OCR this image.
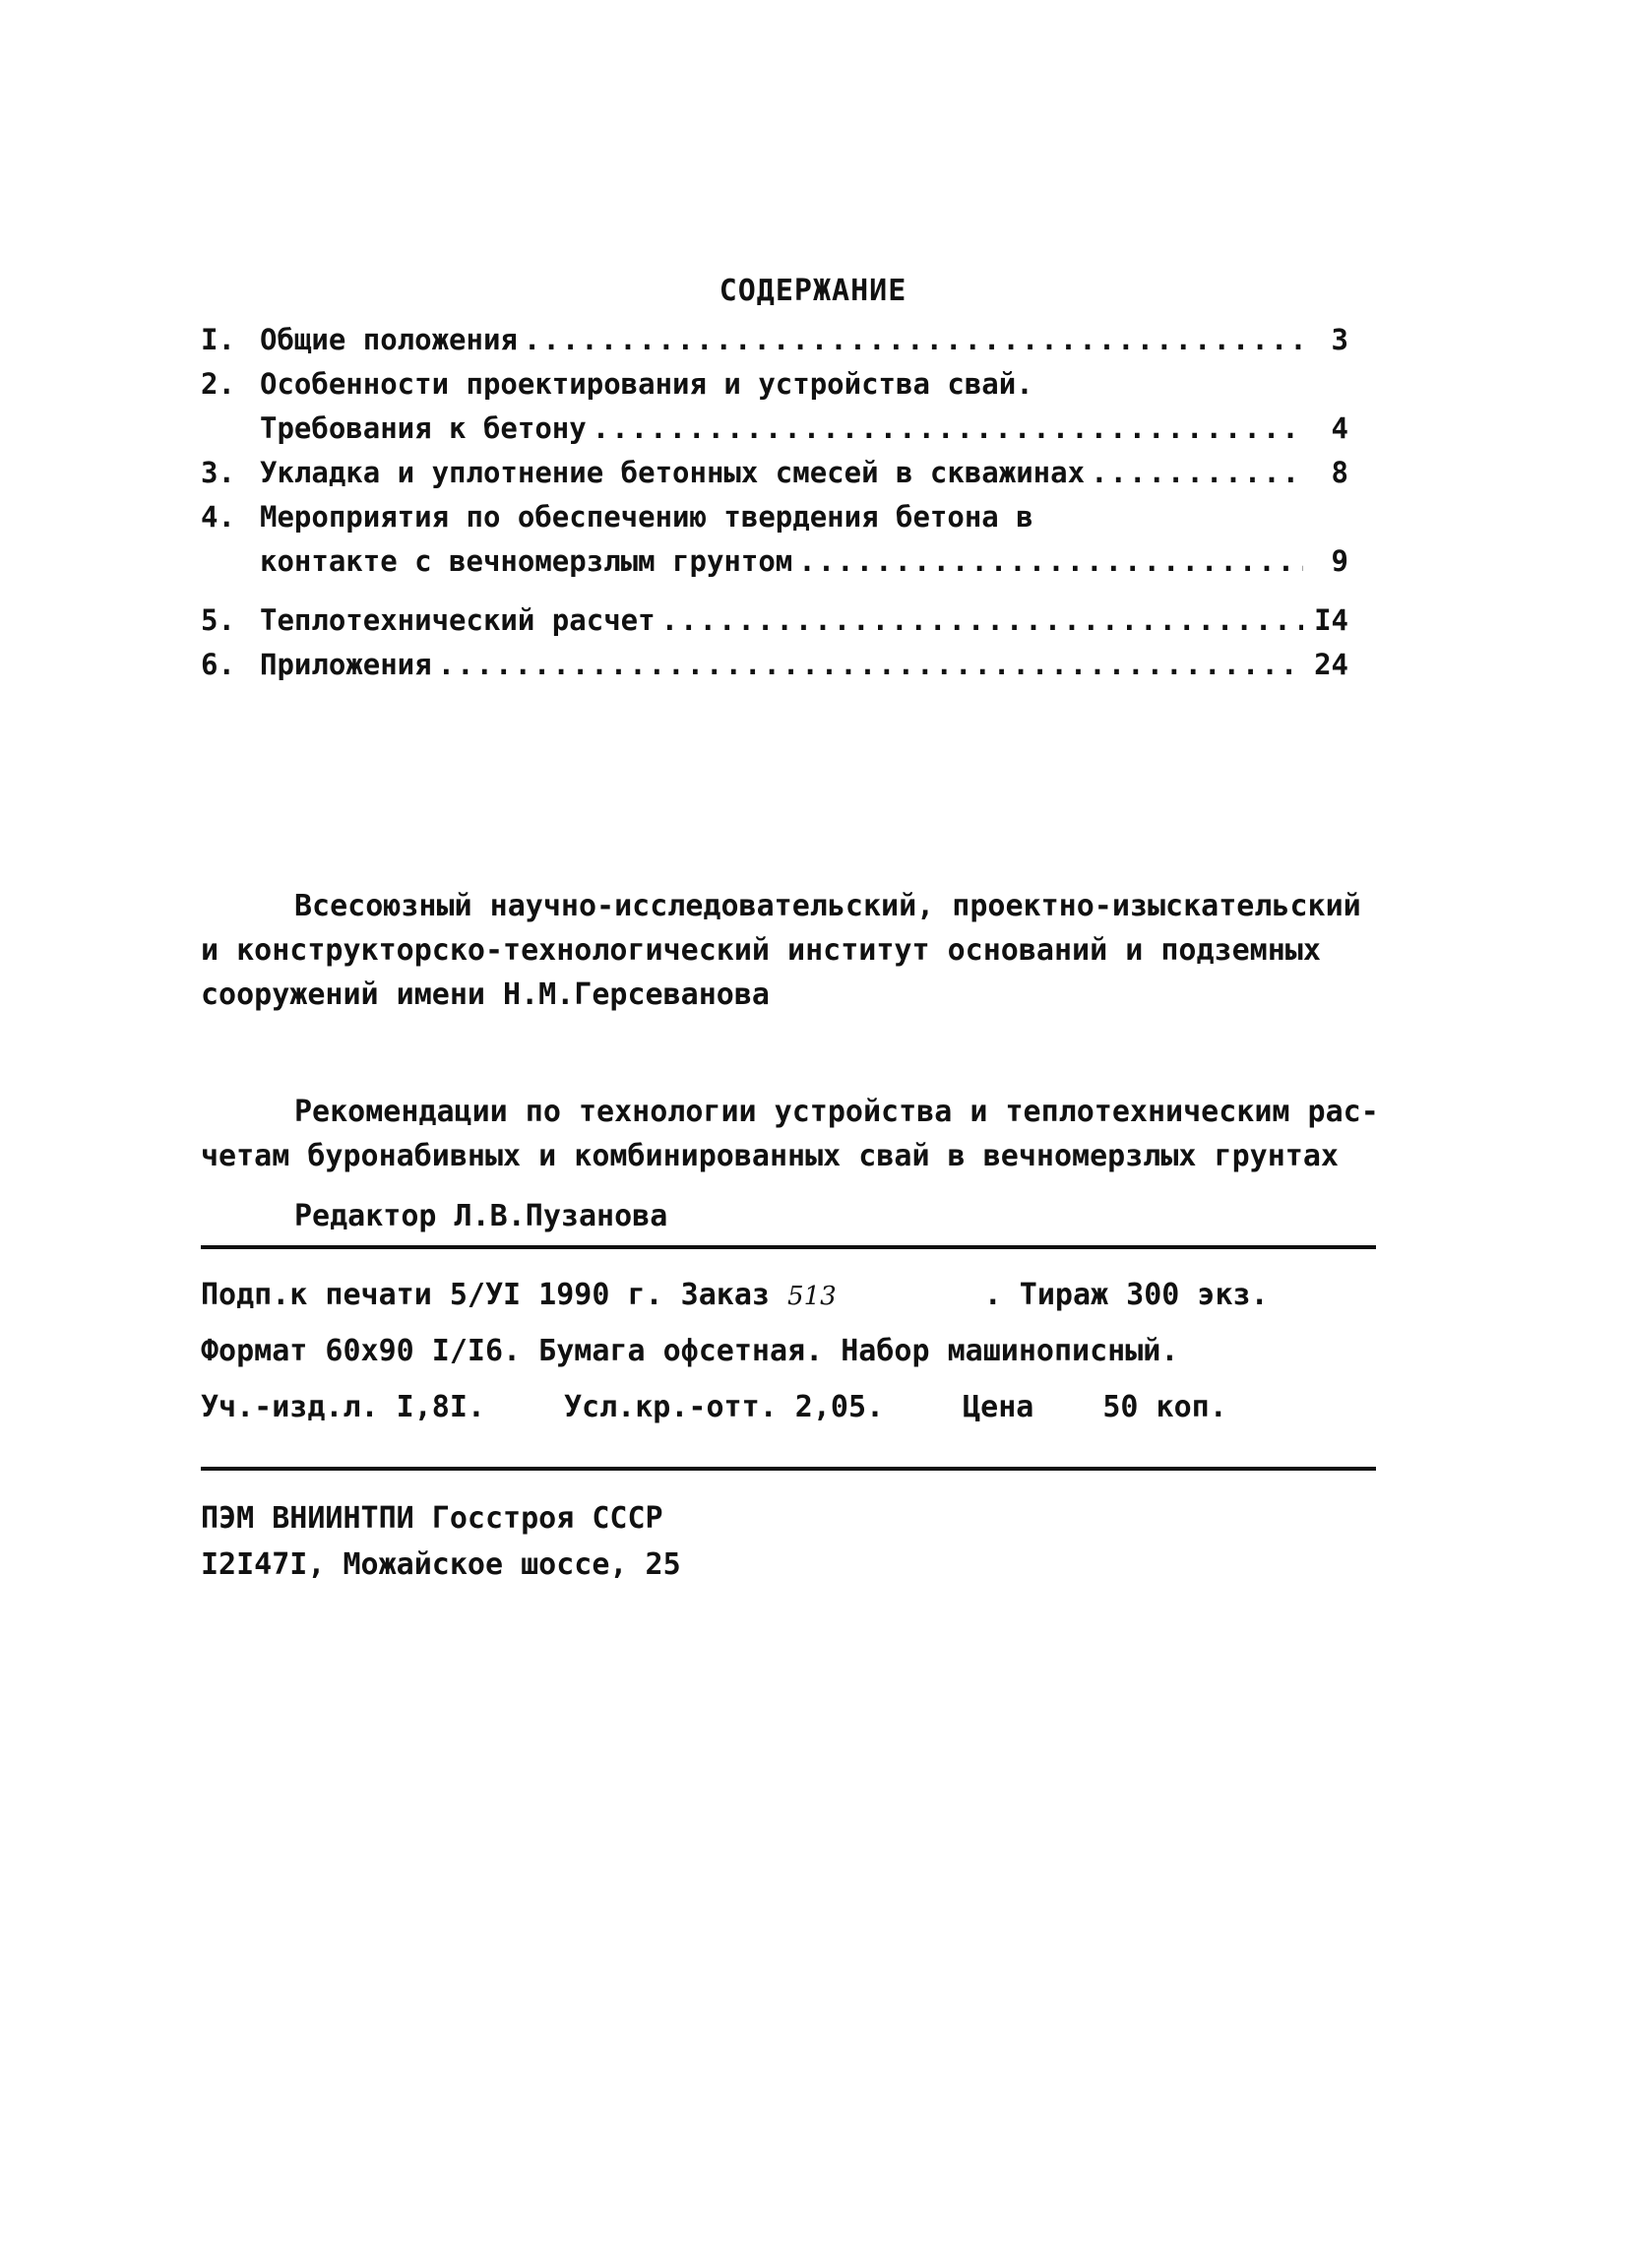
СОДЕРЖАНИЕ
I. Общие положения .....	3
2. Особенности проектирования и устройства свай.
Требования к бетону .....	4
3. Укладка и уплотнение бетонных смесей в скважинах .....	8
4. Мероприятия по обеспечению твердения бетона в
контакте с вечномерзлым грунтом .....	9
5. Теплотехнический расчет .....	I4
6. Приложения .....	24
Всесоюзный научно-исследовательский, проектно-изыскательский
и конструкторско-технологический институт оснований и подземных
сооружений имени Н.М.Герсеванова
Рекомендации по технологии устройства и теплотехническим рас-
четам буронабивных и комбинированных свай в вечномерзлых грунтах
Редактор Л.В.Пузанова
Подп.к печати 5/УI 1990 г. Заказ 513	. Тираж 300 экз.
Формат 60x90 I/I6. Бумага офсетная. Набор машинописный.
Уч.-изд.л. I,8I.	Усл.кр.-отт. 2,05.	Цена 50 коп.
ПЭМ ВНИИНТПИ Госстроя СССР
I2I47I, Можайское шоссе, 25
